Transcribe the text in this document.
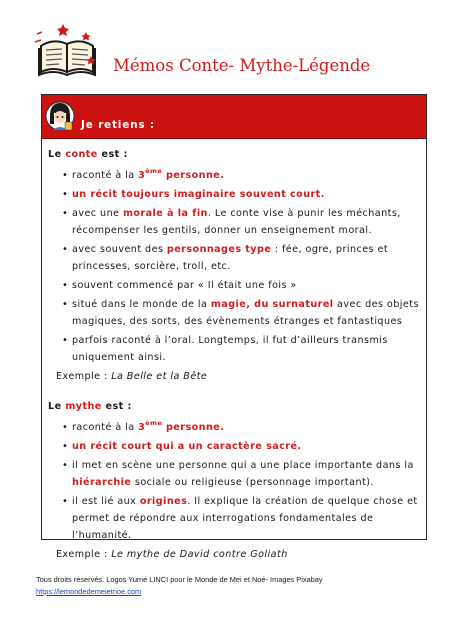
Mémos Conte- Mythe-Légende
Je retiens :

Le conte est :

• raconté à la 3ème personne.
• un récit toujours imaginaire souvent court.
• avec une morale à la fin. Le conte vise à punir les méchants, récompenser les gentils, donner un enseignement moral.
• avec souvent des personnages type : fée, ogre, princes et princesses, sorcière, troll, etc.
• souvent commencé par « Il était une fois »
• situé dans le monde de la magie, du surnaturel avec des objets magiques, des sorts, des évènements étranges et fantastiques
• parfois raconté à l’oral. Longtemps, il fut d’ailleurs transmis uniquement ainsi.

Exemple : La Belle et la Bête

Le mythe est :

• raconté à la 3ème personne.
• un récit court qui a un caractère sacré.
• il met en scène une personne qui a une place importante dans la hiérarchie sociale ou religieuse (personnage important).
• il est lié aux origines. Il explique la création de quelque chose et permet de répondre aux interrogations fondamentales de l’humanité.

Exemple : Le mythe de David contre Goliath

Tous droits réservés. Logos Yumé LINCI pour le Monde de Mei et Noé- Images Pixabay
https://lemondedemeietnoe.com
